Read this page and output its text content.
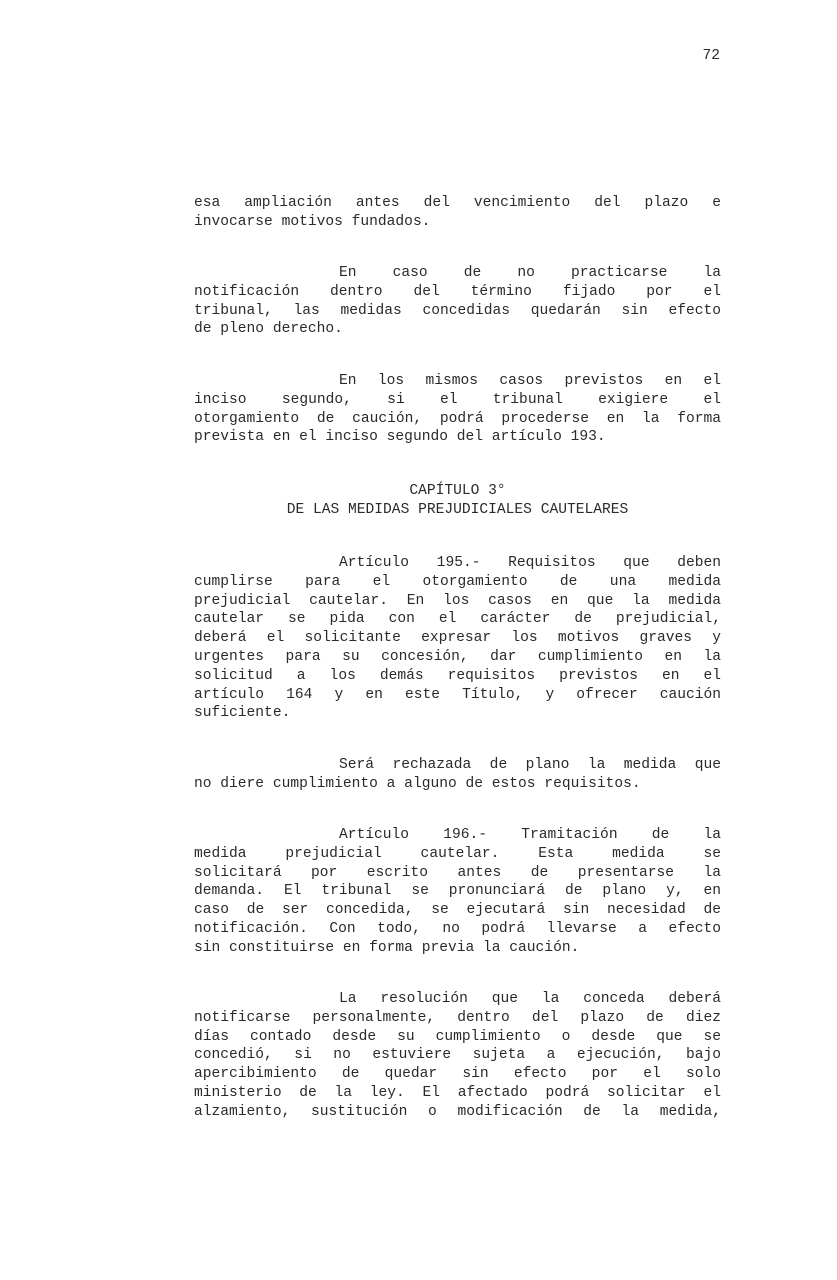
72
esa ampliación antes del vencimiento del plazo e
invocarse motivos fundados.
En caso de no practicarse la
notificación dentro del término fijado por el
tribunal, las medidas concedidas quedarán sin efecto
de pleno derecho.
En los mismos casos previstos en el
inciso segundo, si el tribunal exigiere el
otorgamiento de caución, podrá procederse en la forma
prevista en el inciso segundo del artículo 193.
CAPÍTULO 3°
DE LAS MEDIDAS PREJUDICIALES CAUTELARES
Artículo 195.- Requisitos que deben
cumplirse para el otorgamiento de una medida
prejudicial cautelar. En los casos en que la medida
cautelar se pida con el carácter de prejudicial,
deberá el solicitante expresar los motivos graves y
urgentes para su concesión, dar cumplimiento en la
solicitud a los demás requisitos previstos en el
artículo 164 y en este Título, y ofrecer caución
suficiente.
Será rechazada de plano la medida que
no diere cumplimiento a alguno de estos requisitos.
Artículo 196.- Tramitación de la
medida prejudicial cautelar. Esta medida se
solicitará por escrito antes de presentarse la
demanda. El tribunal se pronunciará de plano y, en
caso de ser concedida, se ejecutará sin necesidad de
notificación. Con todo, no podrá llevarse a efecto
sin constituirse en forma previa la caución.
La resolución que la conceda deberá
notificarse personalmente, dentro del plazo de diez
días contado desde su cumplimiento o desde que se
concedió, si no estuviere sujeta a ejecución, bajo
apercibimiento de quedar sin efecto por el solo
ministerio de la ley. El afectado podrá solicitar el
alzamiento, sustitución o modificación de la medida,
